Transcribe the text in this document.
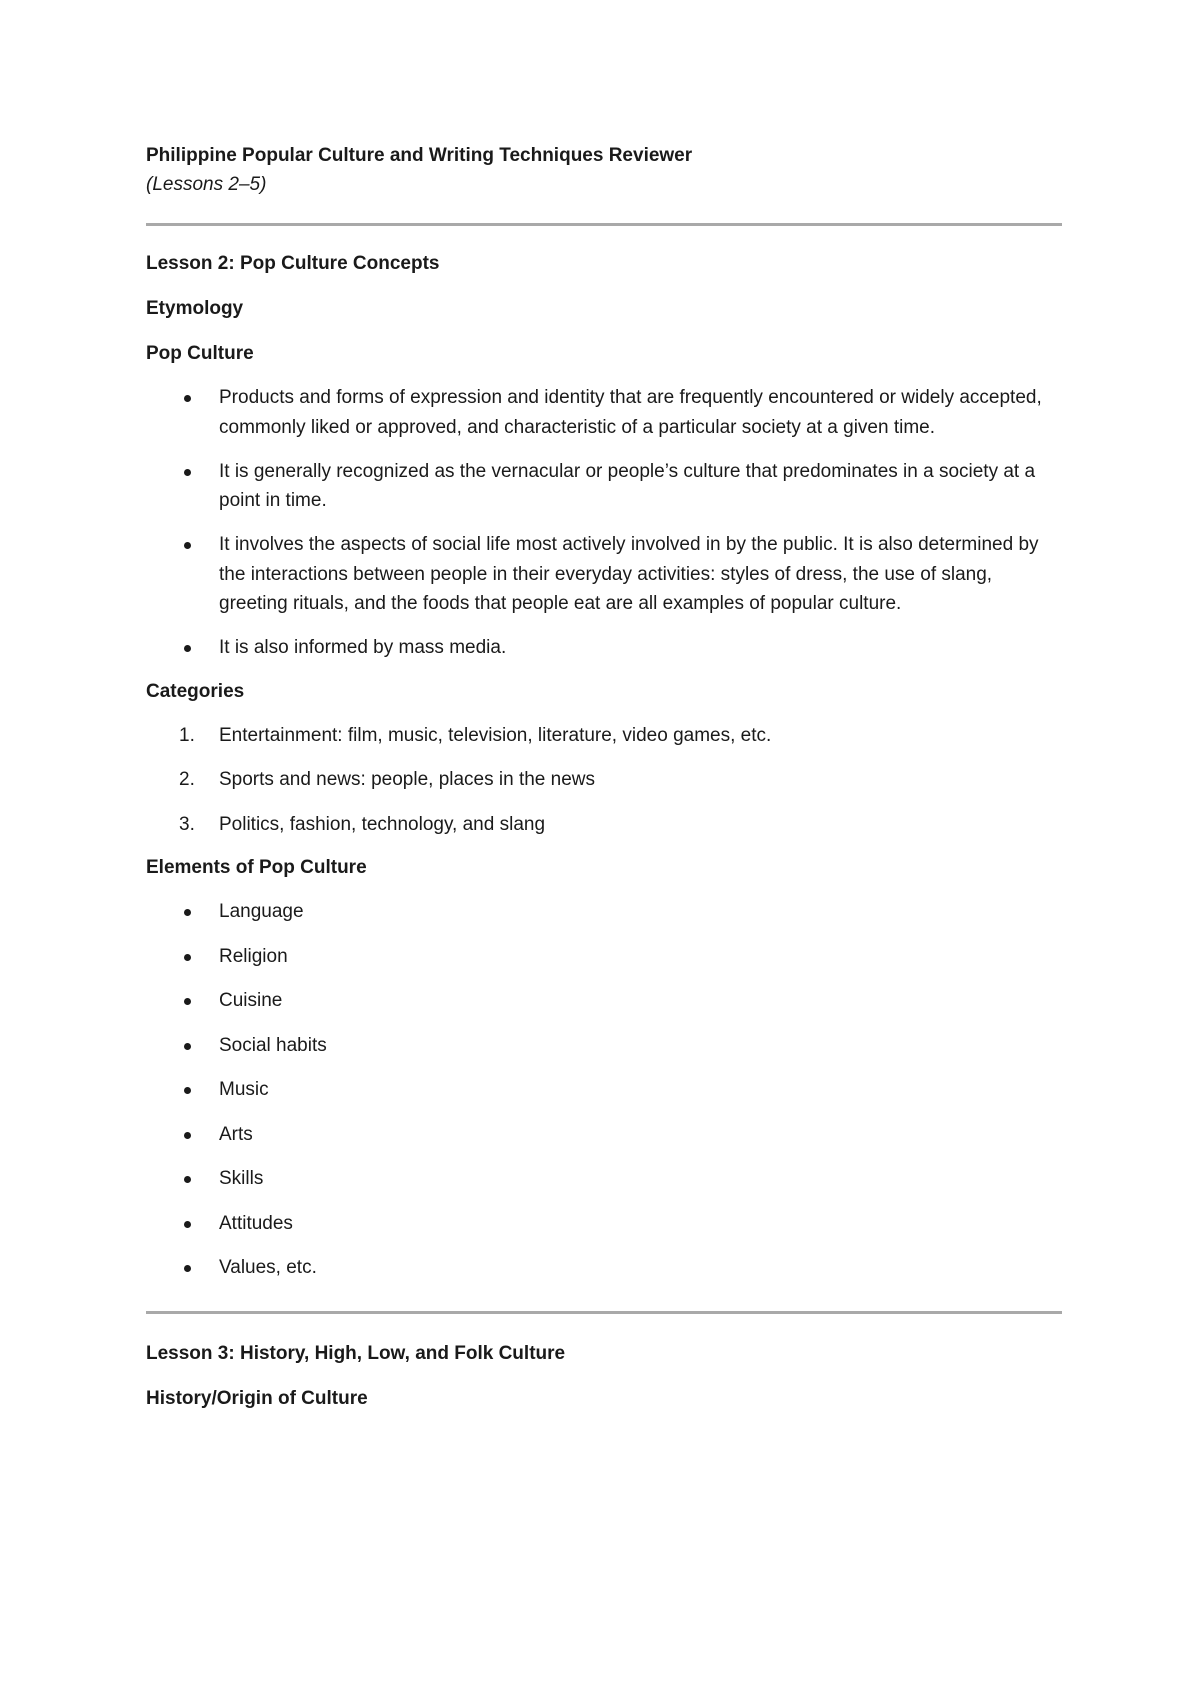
Philippine Popular Culture and Writing Techniques Reviewer

(Lessons 2–5)

Lesson 2: Pop Culture Concepts

Etymology

Pop Culture

Products and forms of expression and identity that are frequently encountered or widely accepted, commonly liked or approved, and characteristic of a particular society at a given time.
It is generally recognized as the vernacular or people’s culture that predominates in a society at a point in time.
It involves the aspects of social life most actively involved in by the public. It is also determined by the interactions between people in their everyday activities: styles of dress, the use of slang, greeting rituals, and the foods that people eat are all examples of popular culture.
It is also informed by mass media.

Categories

1. Entertainment: film, music, television, literature, video games, etc.
2. Sports and news: people, places in the news
3. Politics, fashion, technology, and slang

Elements of Pop Culture

Language
Religion
Cuisine
Social habits
Music
Arts
Skills
Attitudes
Values, etc.

Lesson 3: History, High, Low, and Folk Culture

History/Origin of Culture
